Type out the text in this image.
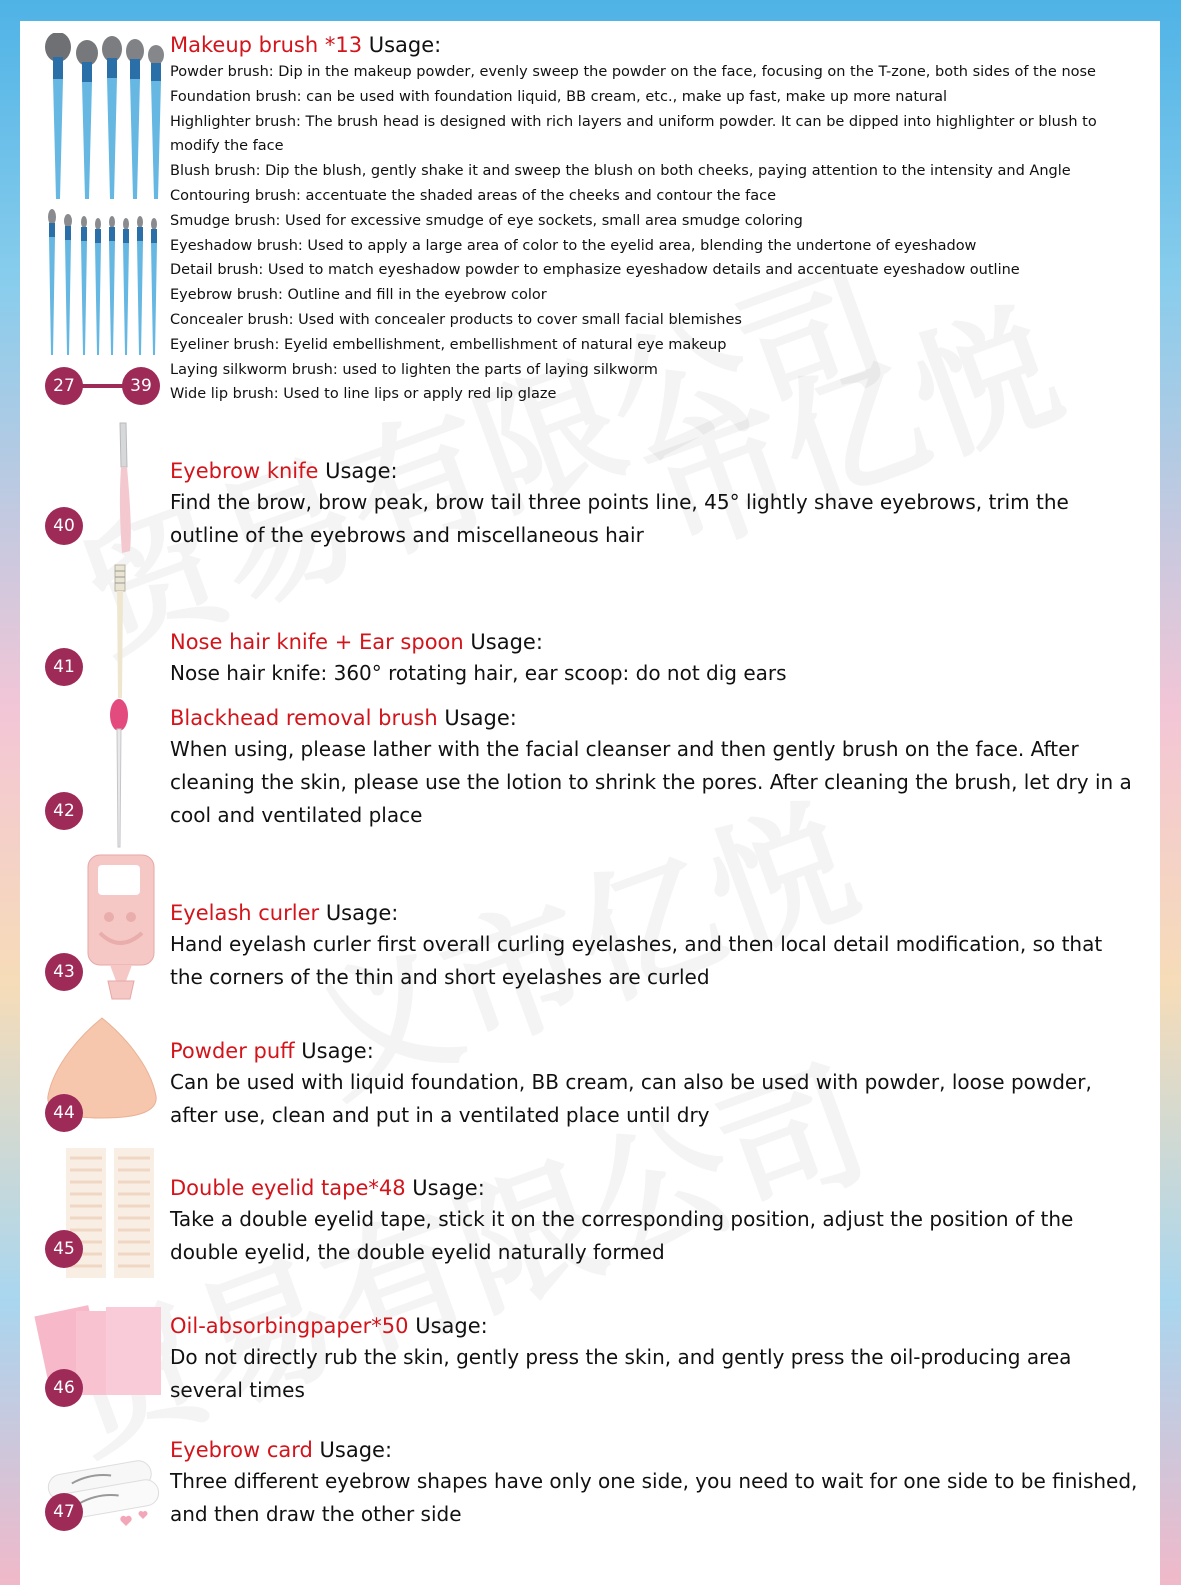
27	39
Makeup brush *13 Usage:
Powder brush: Dip in the makeup powder, evenly sweep the powder on the face, focusing on the T-zone, both sides of the nose
Foundation brush: can be used with foundation liquid, BB cream, etc., make up fast, make up more natural
Highlighter brush: The brush head is designed with rich layers and uniform powder. It can be dipped into highlighter or blush to modify the face
Blush brush: Dip the blush, gently shake it and sweep the blush on both cheeks, paying attention to the intensity and Angle
Contouring brush: accentuate the shaded areas of the cheeks and contour the face
Smudge brush: Used for excessive smudge of eye sockets, small area smudge coloring
Eyeshadow brush: Used to apply a large area of color to the eyelid area, blending the undertone of eyeshadow
Detail brush: Used to match eyeshadow powder to emphasize eyeshadow details and accentuate eyeshadow outline
Eyebrow brush: Outline and fill in the eyebrow color
Concealer brush: Used with concealer products to cover small facial blemishes
Eyeliner brush: Eyelid embellishment, embellishment of natural eye makeup
Laying silkworm brush: used to lighten the parts of laying silkworm
Wide lip brush: Used to line lips or apply red lip glaze
40
Eyebrow knife Usage:
Find the brow, brow peak, brow tail three points line, 45° lightly shave eyebrows, trim the outline of the eyebrows and miscellaneous hair
41
Nose hair knife + Ear spoon Usage:
Nose hair knife: 360° rotating hair, ear scoop: do not dig ears
42
Blackhead removal brush Usage:
When using, please lather with the facial cleanser and then gently brush on the face. After cleaning the skin, please use the lotion to shrink the pores. After cleaning the brush, let dry in a cool and ventilated place
43
Eyelash curler Usage:
Hand eyelash curler first overall curling eyelashes, and then local detail modification, so that the corners of the thin and short eyelashes are curled
44
Powder puff Usage:
Can be used with liquid foundation, BB cream, can also be used with powder, loose powder, after use, clean and put in a ventilated place until dry
45
Double eyelid tape*48 Usage:
Take a double eyelid tape, stick it on the corresponding position, adjust the position of the double eyelid, the double eyelid naturally formed
46
Oil-absorbingpaper*50 Usage:
Do not directly rub the skin, gently press the skin, and gently press the oil-producing area several times
47
Eyebrow card Usage:
Three different eyebrow shapes have only one side, you need to wait for one side to be finished, and then draw the other side
